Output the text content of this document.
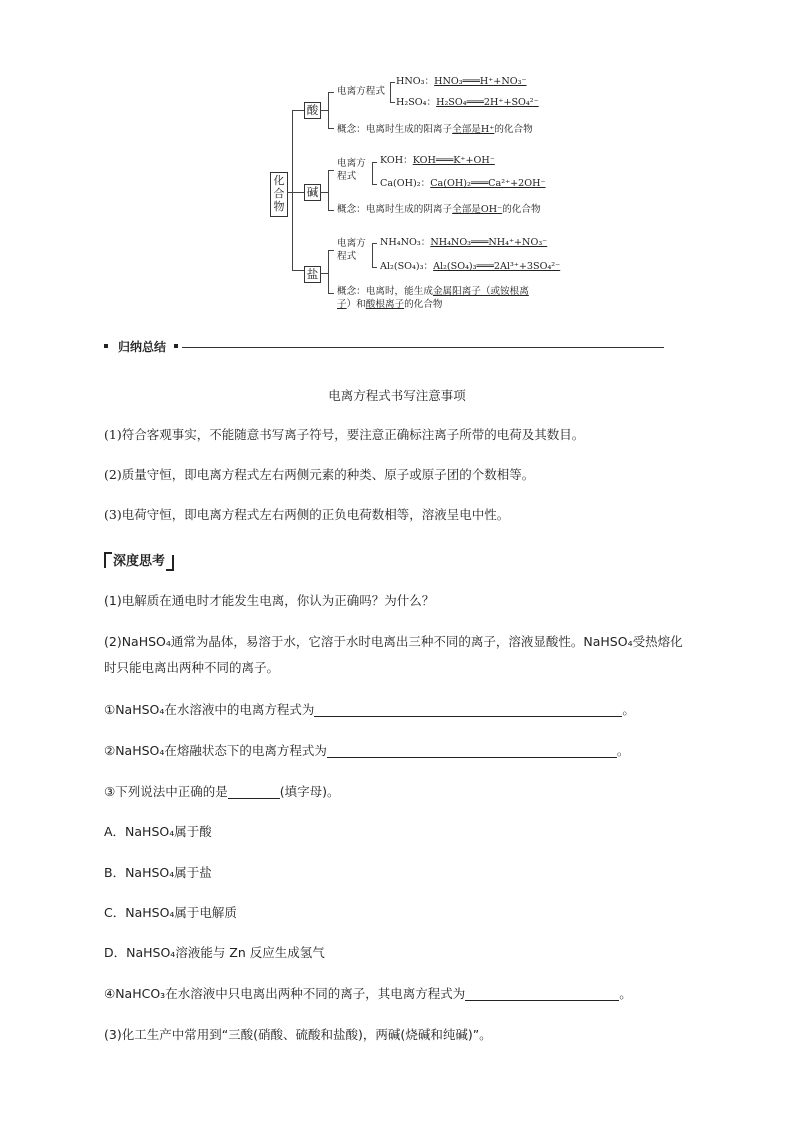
化合物
酸
电离方程式
HNO₃：HNO₃═══H⁺+NO₃⁻
H₂SO₄：H₂SO₄═══2H⁺+SO₄²⁻
概念：电离时生成的阳离子全部是H⁺的化合物
碱
电离方
程式
KOH：KOH═══K⁺+OH⁻
Ca(OH)₂：Ca(OH)₂═══Ca²⁺+2OH⁻
概念：电离时生成的阴离子全部是OH⁻的化合物
盐
电离方
程式
NH₄NO₃：NH₄NO₃═══NH₄⁺+NO₃⁻
Al₂(SO₄)₃：Al₂(SO₄)₃═══2Al³⁺+3SO₄²⁻
概念：电离时，能生成金属阳离子（或铵根离
子）和酸根离子的化合物
归纳总结
电离方程式书写注意事项
(1)符合客观事实，不能随意书写离子符号，要注意正确标注离子所带的电荷及其数目。
(2)质量守恒，即电离方程式左右两侧元素的种类、原子或原子团的个数相等。
(3)电荷守恒，即电离方程式左右两侧的正负电荷数相等，溶液呈电中性。
深度思考
(1)电解质在通电时才能发生电离，你认为正确吗？为什么？
(2)NaHSO₄通常为晶体，易溶于水，它溶于水时电离出三种不同的离子，溶液显酸性。NaHSO₄受热熔化
时只能电离出两种不同的离子。
①NaHSO₄在水溶液中的电离方程式为	。
②NaHSO₄在熔融状态下的电离方程式为	。
③下列说法中正确的是	(填字母)。
A．NaHSO₄属于酸
B．NaHSO₄属于盐
C．NaHSO₄属于电解质
D．NaHSO₄溶液能与 Zn 反应生成氢气
④NaHCO₃在水溶液中只电离出两种不同的离子，其电离方程式为	。
(3)化工生产中常用到“三酸(硝酸、硫酸和盐酸)，两碱(烧碱和纯碱)”。
